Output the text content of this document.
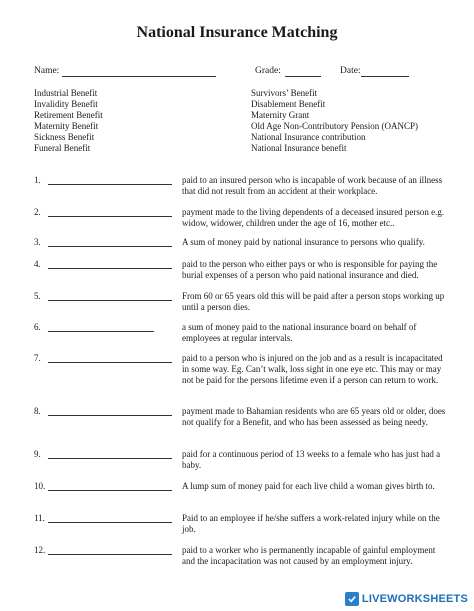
National Insurance Matching
Name:	Grade:	Date:
Industrial Benefit
Invalidity Benefit
Retirement Benefit
Maternity Benefit
Sickness Benefit
Funeral Benefit
Survivors’ Benefit
Disablement Benefit
Maternity Grant
Old Age Non-Contributory Pension (OANCP)
National Insurance contribution
National Insurance benefit
1.	paid to an insured person who is incapable of work because of an illness that did not result from an accident at their workplace.
2.	payment made to the living dependents of a deceased insured person e.g. widow, widower, children under the age of 16, mother etc..
3.	A sum of money paid by national insurance to persons who qualify.
4.	paid to the person who either pays or who is responsible for paying the burial expenses of a person who paid national insurance and died.
5.	From 60 or 65 years old this will be paid after a person stops working up until a person dies.
6.	a sum of money paid to the national insurance board on behalf of employees at regular intervals.
7.	paid to a person who is injured on the job and as a result is incapacitated in some way. Eg. Can’t walk, loss sight in one eye etc. This may or may not be paid for the persons lifetime even if a person can return to work.
8.	payment made to Bahamian residents who are 65 years old or older, does not qualify for a Benefit, and who has been assessed as being needy.
9.	paid for a continuous period of 13 weeks to a female who has just had a baby.
10.	A lump sum of money paid for each live child a woman gives birth to.
11.	Paid to an employee if he/she suffers a work-related injury while on the job.
12.	paid to a worker who is permanently incapable of gainful employment and the incapacitation was not caused by an employment injury.
LIVEWORKSHEETS
